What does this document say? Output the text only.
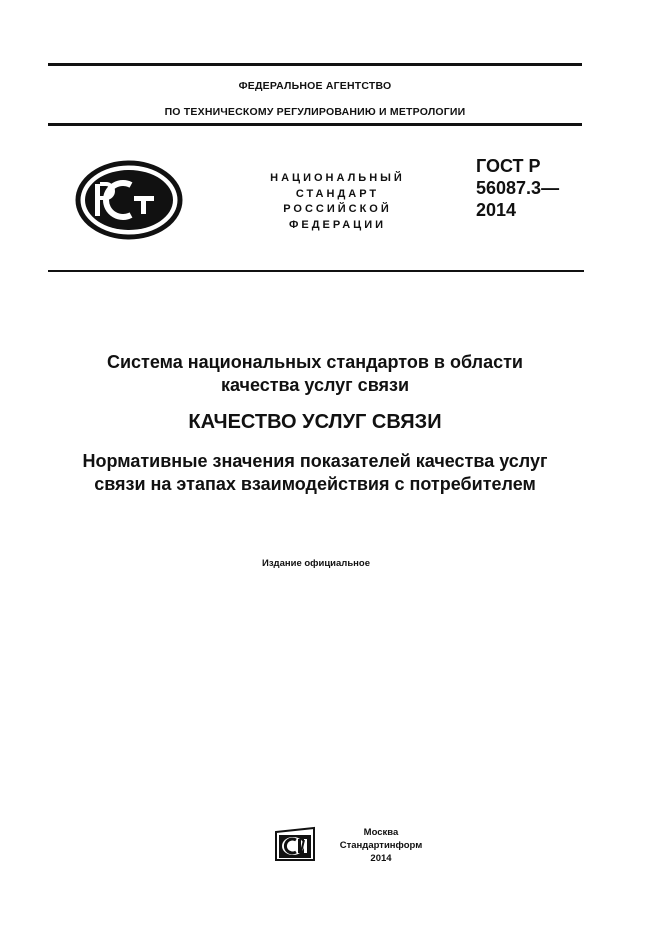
ФЕДЕРАЛЬНОЕ АГЕНТСТВО
ПО ТЕХНИЧЕСКОМУ РЕГУЛИРОВАНИЮ И МЕТРОЛОГИИ
НАЦИОНАЛЬНЫЙ
СТАНДАРТ
РОССИЙСКОЙ
ФЕДЕРАЦИИ
ГОСТ Р
56087.3—
2014
Система национальных стандартов в области
качества услуг связи
КАЧЕСТВО УСЛУГ СВЯЗИ
Нормативные значения показателей качества услуг
связи на этапах взаимодействия с потребителем
Издание официальное
Москва
Стандартинформ
2014
